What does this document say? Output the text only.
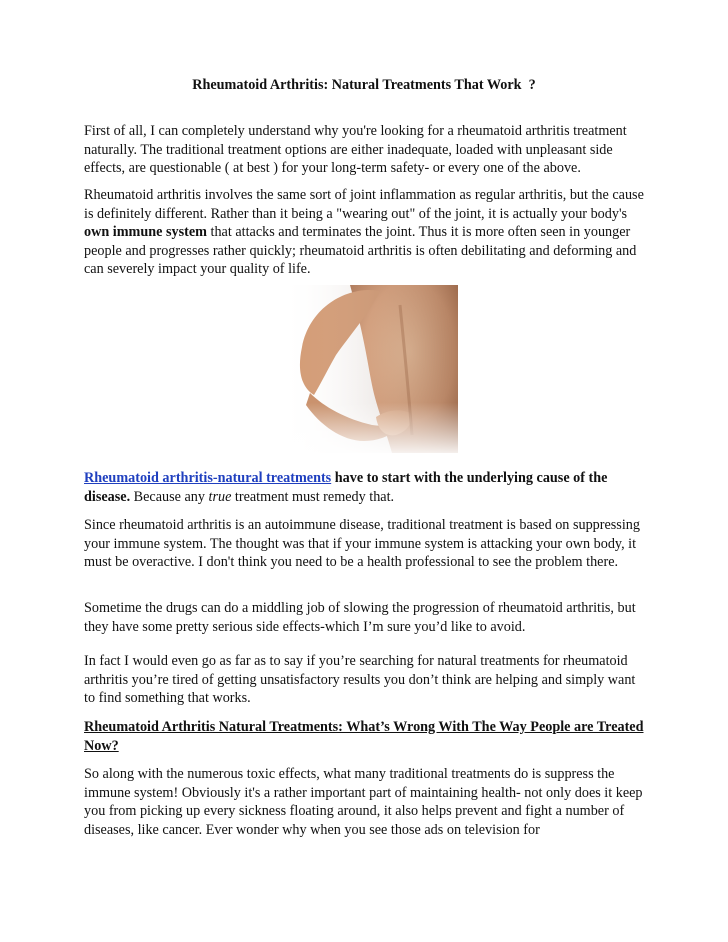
Rheumatoid Arthritis: Natural Treatments That Work  ?

First of all, I can completely understand why you're looking for a rheumatoid arthritis treatment naturally. The traditional treatment options are either inadequate, loaded with unpleasant side effects, are questionable ( at best ) for your long-term safety- or every one of the above.

Rheumatoid arthritis involves the same sort of joint inflammation as regular arthritis, but the cause is definitely different. Rather than it being a "wearing out" of the joint, it is actually your body's own immune system that attacks and terminates the joint. Thus it is more often seen in younger people and progresses rather quickly; rheumatoid arthritis is often debilitating and deforming and can severely impact your quality of life.

Rheumatoid arthritis-natural treatments have to start with the underlying cause of the disease. Because any true treatment must remedy that.

Since rheumatoid arthritis is an autoimmune disease, traditional treatment is based on suppressing your immune system. The thought was that if your immune system is attacking your own body, it must be overactive. I don't think you need to be a health professional to see the problem there.

Sometime the drugs can do a middling job of slowing the progression of rheumatoid arthritis, but they have some pretty serious side effects-which I’m sure you’d like to avoid.

In fact I would even go as far as to say if you’re searching for natural treatments for rheumatoid arthritis you’re tired of getting unsatisfactory results you don’t think are helping and simply want to find something that works.

Rheumatoid Arthritis Natural Treatments: What’s Wrong With The Way People are Treated Now?

So along with the numerous toxic effects, what many traditional treatments do is suppress the immune system! Obviously it's a rather important part of maintaining health- not only does it keep you from picking up every sickness floating around, it also helps prevent and fight a number of diseases, like cancer. Ever wonder why when you see those ads on television for
